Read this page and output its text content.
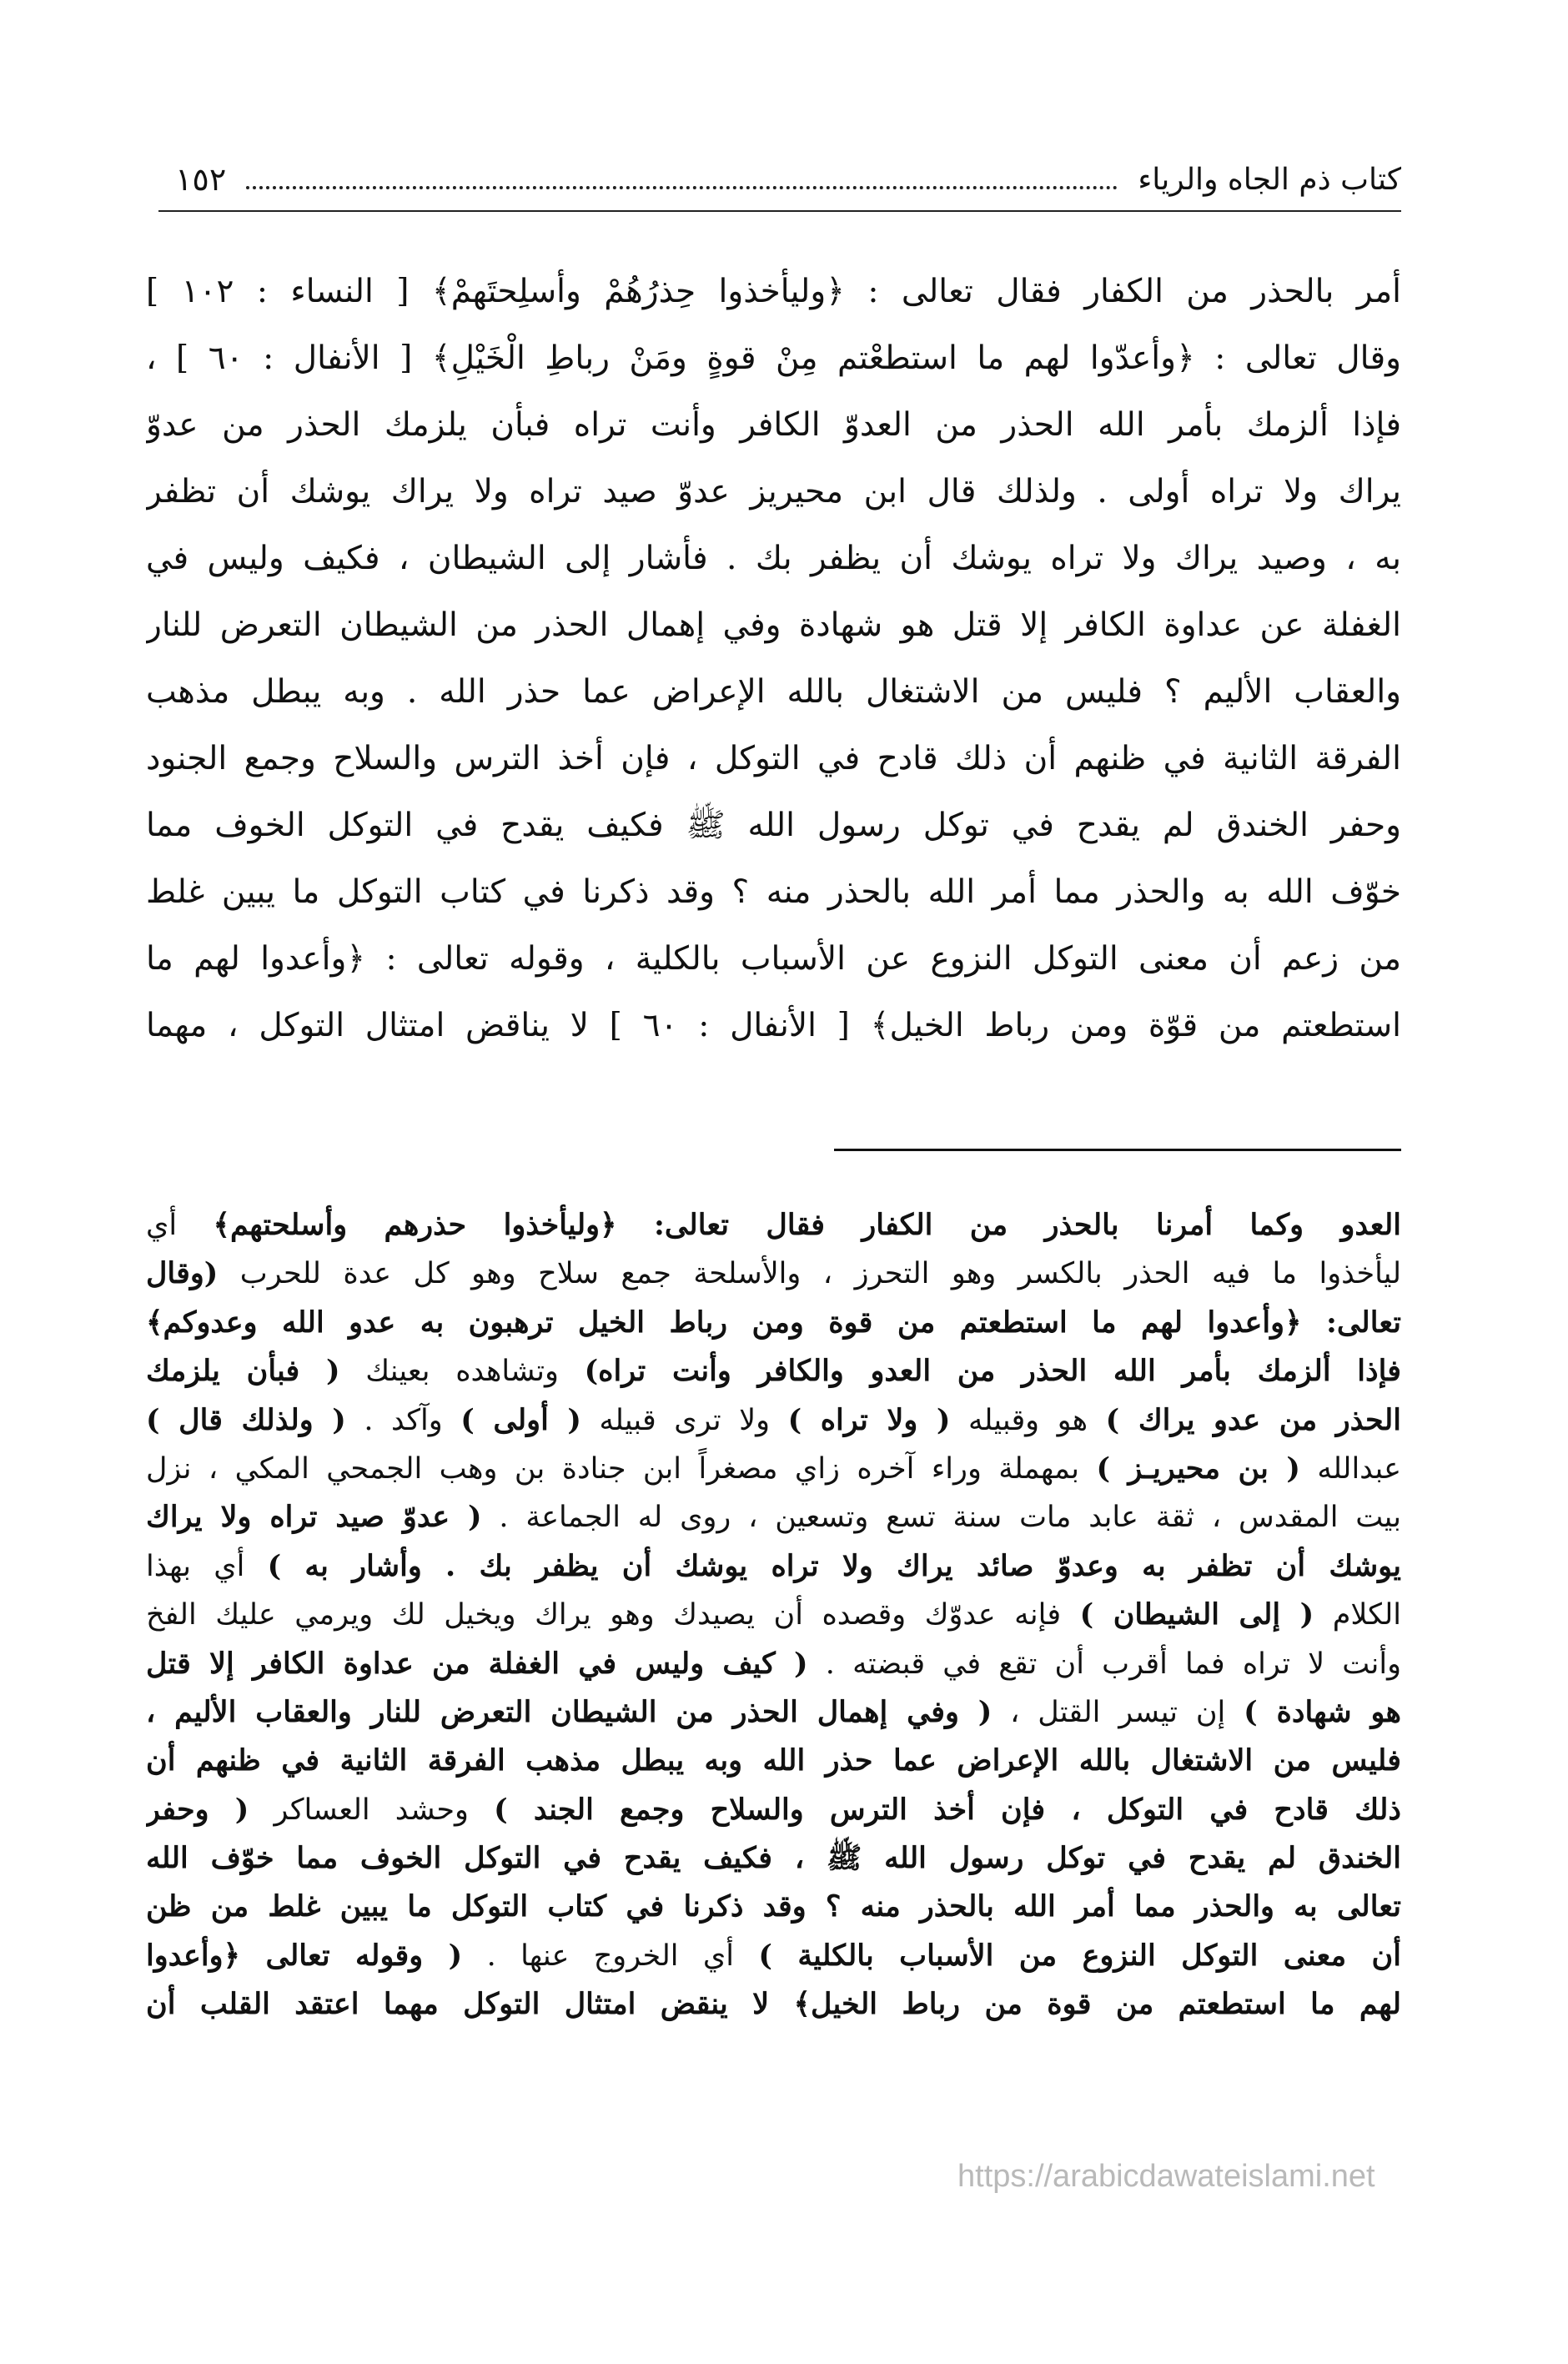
١٥٢	كتاب ذم الجاه والرياء
أمر بالحذر من الكفار فقال تعالى : ﴿وليأخذوا حِذرُهُمْ وأسلِحتَهمْ﴾ [ النساء : ١٠٢ ]
وقال تعالى : ﴿وأعدّوا لهم ما استطعْتم مِنْ قوةٍ ومَنْ رباطِ الْخَيْلِ﴾ [ الأنفال : ٦٠ ] ،
فإذا ألزمك بأمر الله الحذر من العدوّ الكافر وأنت تراه فبأن يلزمك الحذر من عدوّ
يراك ولا تراه أولى . ولذلك قال ابن محيريز عدوّ صيد تراه ولا يراك يوشك أن تظفر
به ، وصيد يراك ولا تراه يوشك أن يظفر بك . فأشار إلى الشيطان ، فكيف وليس في
الغفلة عن عداوة الكافر إلا قتل هو شهادة وفي إهمال الحذر من الشيطان التعرض للنار
والعقاب الأليم ؟ فليس من الاشتغال بالله الإعراض عما حذر الله . وبه يبطل مذهب
الفرقة الثانية في ظنهم أن ذلك قادح في التوكل ، فإن أخذ الترس والسلاح وجمع الجنود
وحفر الخندق لم يقدح في توكل رسول الله ﷺ فكيف يقدح في التوكل الخوف مما
خوّف الله به والحذر مما أمر الله بالحذر منه ؟ وقد ذكرنا في كتاب التوكل ما يبين غلط
من زعم أن معنى التوكل النزوع عن الأسباب بالكلية ، وقوله تعالى : ﴿وأعدوا لهم ما
استطعتم من قوّة ومن رباط الخيل﴾ [ الأنفال : ٦٠ ] لا يناقض امتثال التوكل ، مهما
العدو وكما أمرنا بالحذر من الكفار فقال تعالى: ﴿وليأخذوا حذرهم وأسلحتهم﴾ أي
ليأخذوا ما فيه الحذر بالكسر وهو التحرز ، والأسلحة جمع سلاح وهو كل عدة للحرب (وقال
تعالى: ﴿وأعدوا لهم ما استطعتم من قوة ومن رباط الخيل ترهبون به عدو الله وعدوكم﴾
فإذا ألزمك بأمر الله الحذر من العدو والكافر وأنت تراه) وتشاهده بعينك ( فبأن يلزمك
الحذر من عدو يراك ) هو وقبيله ( ولا تراه ) ولا ترى قبيله ( أولى ) وآكد . ( ولذلك قال )
عبدالله ( بن محيريـز ) بمهملة وراء آخره زاي مصغراً ابن جنادة بن وهب الجمحي المكي ، نزل
بيت المقدس ، ثقة عابد مات سنة تسع وتسعين ، روى له الجماعة . ( عدوّ صيد تراه ولا يراك
يوشك أن تظفر به وعدوّ صائد يراك ولا تراه يوشك أن يظفر بك . وأشار به ) أي بهذا
الكلام ( إلى الشيطان ) فإنه عدوّك وقصده أن يصيدك وهو يراك ويخيل لك ويرمي عليك الفخ
وأنت لا تراه فما أقرب أن تقع في قبضته . ( كيف وليس في الغفلة من عداوة الكافر إلا قتل
هو شهادة ) إن تيسر القتل ، ( وفي إهمال الحذر من الشيطان التعرض للنار والعقاب الأليم ،
فليس من الاشتغال بالله الإعراض عما حذر الله وبه يبطل مذهب الفرقة الثانية في ظنهم أن
ذلك قادح في التوكل ، فإن أخذ الترس والسلاح وجمع الجند ) وحشد العساكر ( وحفر
الخندق لم يقدح في توكل رسول الله ﷺ ، فكيف يقدح في التوكل الخوف مما خوّف الله
تعالى به والحذر مما أمر الله بالحذر منه ؟ وقد ذكرنا في كتاب التوكل ما يبين غلط من ظن
أن معنى التوكل النزوع من الأسباب بالكلية ) أي الخروج عنها . ( وقوله تعالى ﴿وأعدوا
لهم ما استطعتم من قوة من رباط الخيل﴾ لا ينقض امتثال التوكل مهما اعتقد القلب أن
https://arabicdawateislami.net
